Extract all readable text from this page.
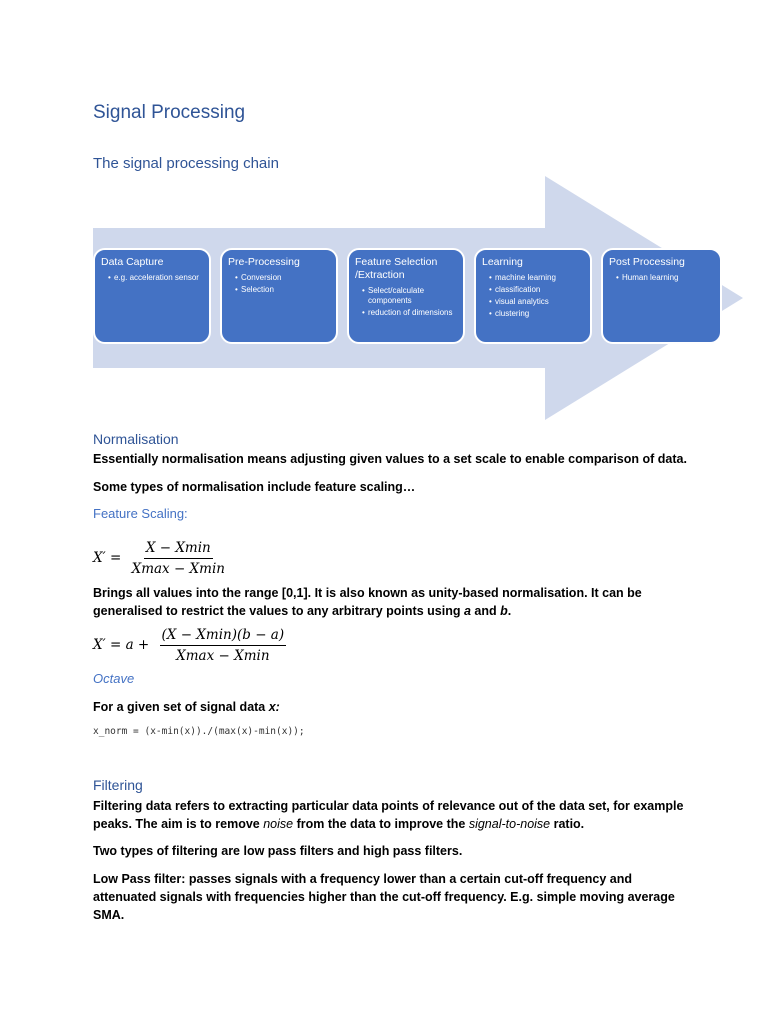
Signal Processing
The signal processing chain
Data Capture
• e.g. acceleration sensor
Pre-Processing
• Conversion
• Selection
Feature Selection /Extraction
• Select/calculate components
• reduction of dimensions
Learning
• machine learning
• classification
• visual analytics
• clustering
Post Processing
• Human learning
Normalisation
Essentially normalisation means adjusting given values to a set scale to enable comparison of data.
Some types of normalisation include feature scaling…
Feature Scaling:
$X' = \frac{X - Xmin}{Xmax - Xmin}$
Brings all values into the range [0,1]. It is also known as unity-based normalisation. It can be generalised to restrict the values to any arbitrary points using a and b.
$X' = a + \frac{(X - Xmin)(b - a)}{Xmax - Xmin}$
Octave
For a given set of signal data x:
x_norm = (x-min(x))./(max(x)-min(x));
Filtering
Filtering data refers to extracting particular data points of relevance out of the data set, for example peaks. The aim is to remove noise from the data to improve the signal-to-noise ratio.
Two types of filtering are low pass filters and high pass filters.
Low Pass filter: passes signals with a frequency lower than a certain cut-off frequency and attenuated signals with frequencies higher than the cut-off frequency. E.g. simple moving average SMA.
